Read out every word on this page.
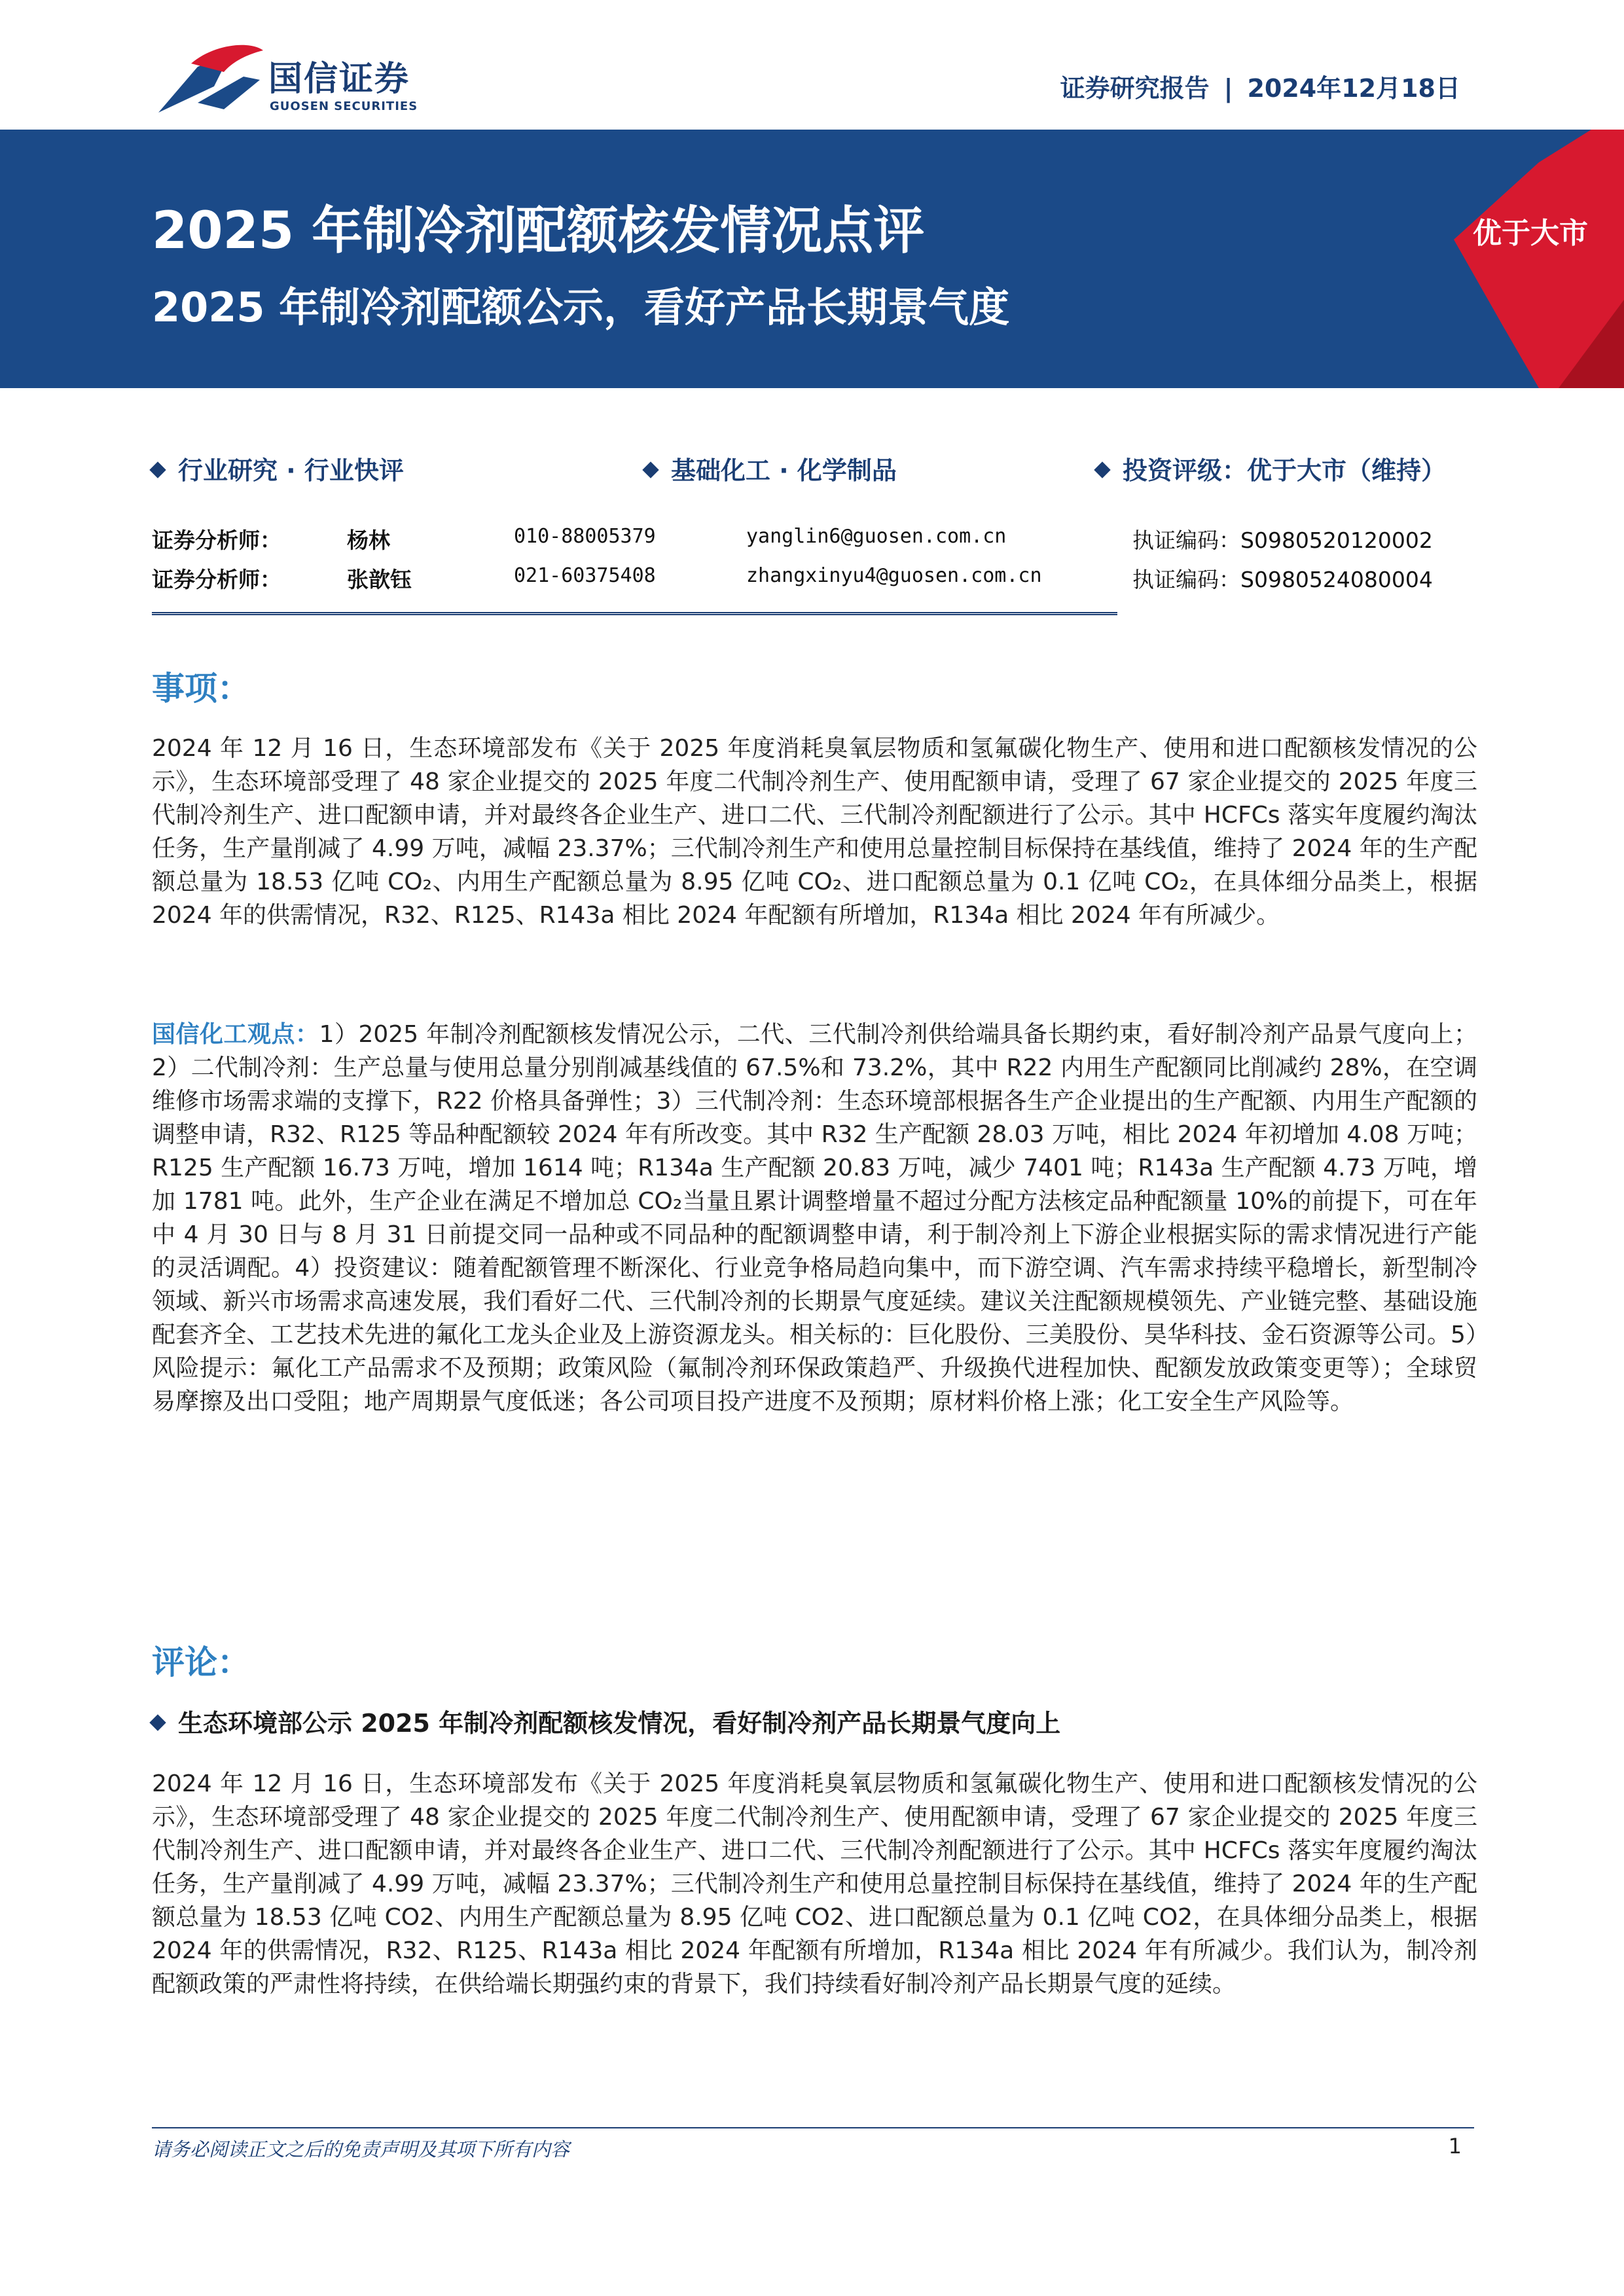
国信证券
GUOSEN SECURITIES
证券研究报告 | 2024年12月18日
2025 年制冷剂配额核发情况点评
2025 年制冷剂配额公示，看好产品长期景气度
优于大市
行业研究 · 行业快评	基础化工 · 化学制品	投资评级：优于大市（维持）
证券分析师：	杨林	010-88005379	yanglin6@guosen.com.cn	执证编码：S0980520120002
证券分析师：	张歆钰	021-60375408	zhangxinyu4@guosen.com.cn	执证编码：S0980524080004
事项：

2024 年 12 月 16 日，生态环境部发布《关于 2025 年度消耗臭氧层物质和氢氟碳化物生产、使用和进口配额核发情况的公示》，生态环境部受理了 48 家企业提交的 2025 年度二代制冷剂生产、使用配额申请，受理了 67 家企业提交的 2025 年度三代制冷剂生产、进口配额申请，并对最终各企业生产、进口二代、三代制冷剂配额进行了公示。其中 HCFCs 落实年度履约淘汰任务，生产量削减了 4.99 万吨，减幅 23.37%；三代制冷剂生产和使用总量控制目标保持在基线值，维持了 2024 年的生产配额总量为 18.53 亿吨 CO₂、内用生产配额总量为 8.95 亿吨 CO₂、进口配额总量为 0.1 亿吨 CO₂，在具体细分品类上，根据 2024 年的供需情况，R32、R125、R143a 相比 2024 年配额有所增加，R134a 相比 2024 年有所减少。

国信化工观点：1）2025 年制冷剂配额核发情况公示，二代、三代制冷剂供给端具备长期约束，看好制冷剂产品景气度向上；2）二代制冷剂：生产总量与使用总量分别削减基线值的 67.5%和 73.2%，其中 R22 内用生产配额同比削减约 28%，在空调维修市场需求端的支撑下，R22 价格具备弹性；3）三代制冷剂：生态环境部根据各生产企业提出的生产配额、内用生产配额的调整申请，R32、R125 等品种配额较 2024 年有所改变。其中 R32 生产配额 28.03 万吨，相比 2024 年初增加 4.08 万吨；R125 生产配额 16.73 万吨，增加 1614 吨；R134a 生产配额 20.83 万吨，减少 7401 吨；R143a 生产配额 4.73 万吨，增加 1781 吨。此外，生产企业在满足不增加总 CO₂当量且累计调整增量不超过分配方法核定品种配额量 10%的前提下，可在年中 4 月 30 日与 8 月 31 日前提交同一品种或不同品种的配额调整申请，利于制冷剂上下游企业根据实际的需求情况进行产能的灵活调配。4）投资建议：随着配额管理不断深化、行业竞争格局趋向集中，而下游空调、汽车需求持续平稳增长，新型制冷领域、新兴市场需求高速发展，我们看好二代、三代制冷剂的长期景气度延续。建议关注配额规模领先、产业链完整、基础设施配套齐全、工艺技术先进的氟化工龙头企业及上游资源龙头。相关标的：巨化股份、三美股份、昊华科技、金石资源等公司。5）风险提示：氟化工产品需求不及预期；政策风险（氟制冷剂环保政策趋严、升级换代进程加快、配额发放政策变更等）；全球贸易摩擦及出口受阻；地产周期景气度低迷；各公司项目投产进度不及预期；原材料价格上涨；化工安全生产风险等。

评论：
生态环境部公示 2025 年制冷剂配额核发情况，看好制冷剂产品长期景气度向上

2024 年 12 月 16 日，生态环境部发布《关于 2025 年度消耗臭氧层物质和氢氟碳化物生产、使用和进口配额核发情况的公示》，生态环境部受理了 48 家企业提交的 2025 年度二代制冷剂生产、使用配额申请，受理了 67 家企业提交的 2025 年度三代制冷剂生产、进口配额申请，并对最终各企业生产、进口二代、三代制冷剂配额进行了公示。其中 HCFCs 落实年度履约淘汰任务，生产量削减了 4.99 万吨，减幅 23.37%；三代制冷剂生产和使用总量控制目标保持在基线值，维持了 2024 年的生产配额总量为 18.53 亿吨 CO2、内用生产配额总量为 8.95 亿吨 CO2、进口配额总量为 0.1 亿吨 CO2，在具体细分品类上，根据 2024 年的供需情况，R32、R125、R143a 相比 2024 年配额有所增加，R134a 相比 2024 年有所减少。我们认为，制冷剂配额政策的严肃性将持续，在供给端长期强约束的背景下，我们持续看好制冷剂产品长期景气度的延续。

请务必阅读正文之后的免责声明及其项下所有内容	1
